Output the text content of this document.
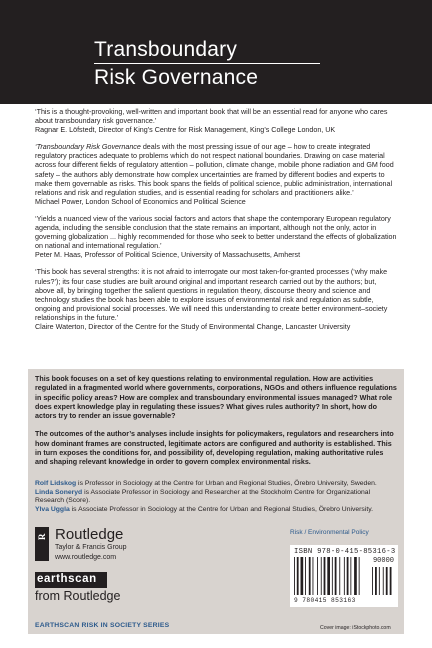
Transboundary
Risk Governance
‘This is a thought-provoking, well-written and important book that will be an essential read for anyone who cares about transboundary risk governance.’
Ragnar E. Löfstedt, Director of King’s Centre for Risk Management, King’s College London, UK
‘Transboundary Risk Governance deals with the most pressing issue of our age – how to create integrated regulatory practices adequate to problems which do not respect national boundaries. Drawing on case material across four different fields of regulatory attention – pollution, climate change, mobile phone radiation and GM food safety – the authors ably demonstrate how complex uncertainties are framed by different bodies and experts to make them governable as risks. This book spans the fields of political science, public administration, international relations and risk and regulation studies, and is essential reading for scholars and practitioners alike.’
Michael Power, London School of Economics and Political Science
‘Yields a nuanced view of the various social factors and actors that shape the contemporary European regulatory agenda, including the sensible conclusion that the state remains an important, although not the only, actor in governing globalization ... highly recommended for those who seek to better understand the effects of globalization on national and international regulation.’
Peter M. Haas, Professor of Political Science, University of Massachusetts, Amherst
‘This book has several strengths: it is not afraid to interrogate our most taken-for-granted processes (‘why make rules?’); its four case studies are built around original and important research carried out by the authors; but, above all, by bringing together the salient questions in regulation theory, discourse theory and science and technology studies the book has been able to explore issues of environmental risk and regulation as subtle, ongoing and provisional social processes. We will need this understanding to create better environment–society relationships in the future.’
Claire Waterton, Director of the Centre for the Study of Environmental Change, Lancaster University

This book focuses on a set of key questions relating to environmental regulation. How are activities regulated in a fragmented world where governments, corporations, NGOs and others influence regulations in specific policy areas? How are complex and transboundary environmental issues managed? What role does expert knowledge play in regulating these issues? What gives rules authority? In short, how do actors try to render an issue governable?

The outcomes of the author’s analyses include insights for policymakers, regulators and researchers into how dominant frames are constructed, legitimate actors are configured and authority is established. This in turn exposes the conditions for, and possibility of, developing regulation, making authoritative rules and shaping relevant knowledge in order to govern complex environmental risks.

Rolf Lidskog is Professor in Sociology at the Centre for Urban and Regional Studies, Örebro University, Sweden.

Linda Soneryd is Associate Professor in Sociology and Researcher at the Stockholm Centre for Organizational Research (Score).

Ylva Uggla is Associate Professor in Sociology at the Centre for Urban and Regional Studies, Örebro University.

R Routledge
Taylor & Francis Group
www.routledge.com
Risk / Environmental Policy
ISBN 978-0-415-85316-3
90000
9 780415 853163
earthscan
from Routledge
EARTHSCAN RISK IN SOCIETY SERIES	Cover image: iStockphoto.com
